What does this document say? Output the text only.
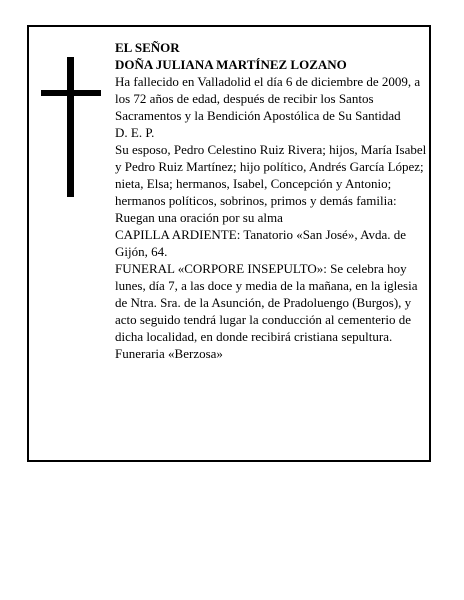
EL SEÑOR

DOÑA JULIANA MARTÍNEZ LOZANO

Ha fallecido en Valladolid el día 6 de diciembre de 2009, a los 72 años de edad, después de recibir los Santos Sacramentos y la Bendición Apostólica de Su Santidad

D. E. P.

Su esposo, Pedro Celestino Ruiz Rivera; hijos, María Isabel y Pedro Ruiz Martínez; hijo político, Andrés García López; nieta, Elsa; hermanos, Isabel, Concepción y Antonio; hermanos políticos, sobrinos, primos y demás familia:

Ruegan una oración por su alma

CAPILLA ARDIENTE: Tanatorio «San José», Avda. de Gijón, 64.

FUNERAL «CORPORE INSEPULTO»: Se celebra hoy lunes, día 7, a las doce y media de la mañana, en la iglesia de Ntra. Sra. de la Asunción, de Pradoluengo (Burgos), y acto seguido tendrá lugar la conducción al cementerio de dicha localidad, en donde recibirá cristiana sepultura.

Funeraria «Berzosa»
